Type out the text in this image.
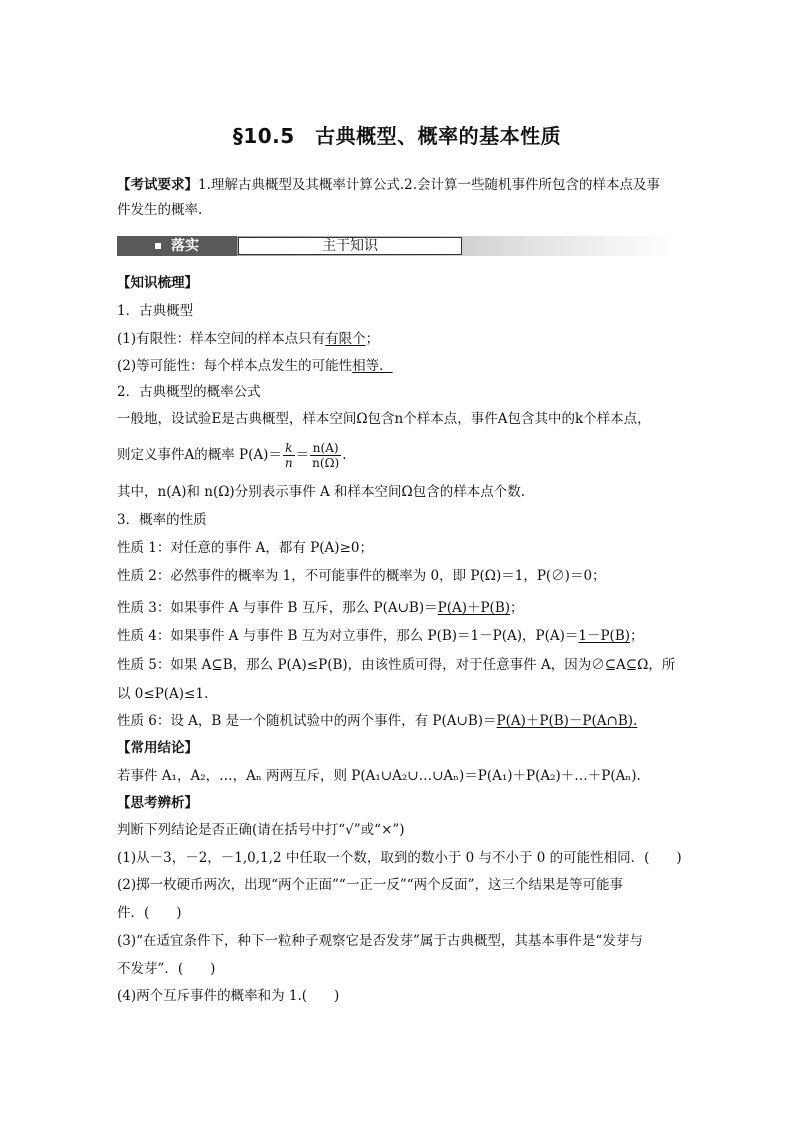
§10.5　古典概型、概率的基本性质
【考试要求】1.理解古典概型及其概率计算公式.2.会计算一些随机事件所包含的样本点及事
件发生的概率.
落实	主干知识
【知识梳理】
1．古典概型
(1)有限性：样本空间的样本点只有有限个；
(2)等可能性：每个样本点发生的可能性相等．
2．古典概型的概率公式
一般地，设试验E是古典概型，样本空间Ω包含n个样本点，事件A包含其中的k个样本点，
则定义事件A的概率 $P(A)= \frac{k}{n} = \frac{n(A)}{n(\Omega)}$ .
其中，n(A)和 n(Ω)分别表示事件 A 和样本空间Ω包含的样本点个数.
3．概率的性质
性质 1：对任意的事件 A，都有 P(A)≥0；
性质 2：必然事件的概率为 1，不可能事件的概率为 0，即 P(Ω)＝1，P(∅)＝0；
性质 3：如果事件 A 与事件 B 互斥，那么 P(A∪B)＝P(A)＋P(B)；
性质 4：如果事件 A 与事件 B 互为对立事件，那么 P(B)＝1－P(A)，P(A)＝1－P(B)；
性质 5：如果 A⊆B，那么 P(A)≤P(B)，由该性质可得，对于任意事件 A，因为∅⊆A⊆Ω，所
以 0≤P(A)≤1.
性质 6：设 A，B 是一个随机试验中的两个事件，有 P(A∪B)＝P(A)＋P(B)－P(A∩B).
【常用结论】
若事件 A₁，A₂，…，Aₙ 两两互斥，则 P(A₁∪A₂∪…∪Aₙ)＝P(A₁)＋P(A₂)＋…＋P(Aₙ).
【思考辨析】
判断下列结论是否正确(请在括号中打“√”或“×”)
(1)从－3，－2，－1,0,1,2 中任取一个数，取到的数小于 0 与不小于 0 的可能性相同．(　　)
(2)掷一枚硬币两次，出现“两个正面”“一正一反”“两个反面”，这三个结果是等可能事
件．(　　)
(3)“在适宜条件下，种下一粒种子观察它是否发芽”属于古典概型，其基本事件是“发芽与
不发芽”．(　　)
(4)两个互斥事件的概率和为 1.(　　)
